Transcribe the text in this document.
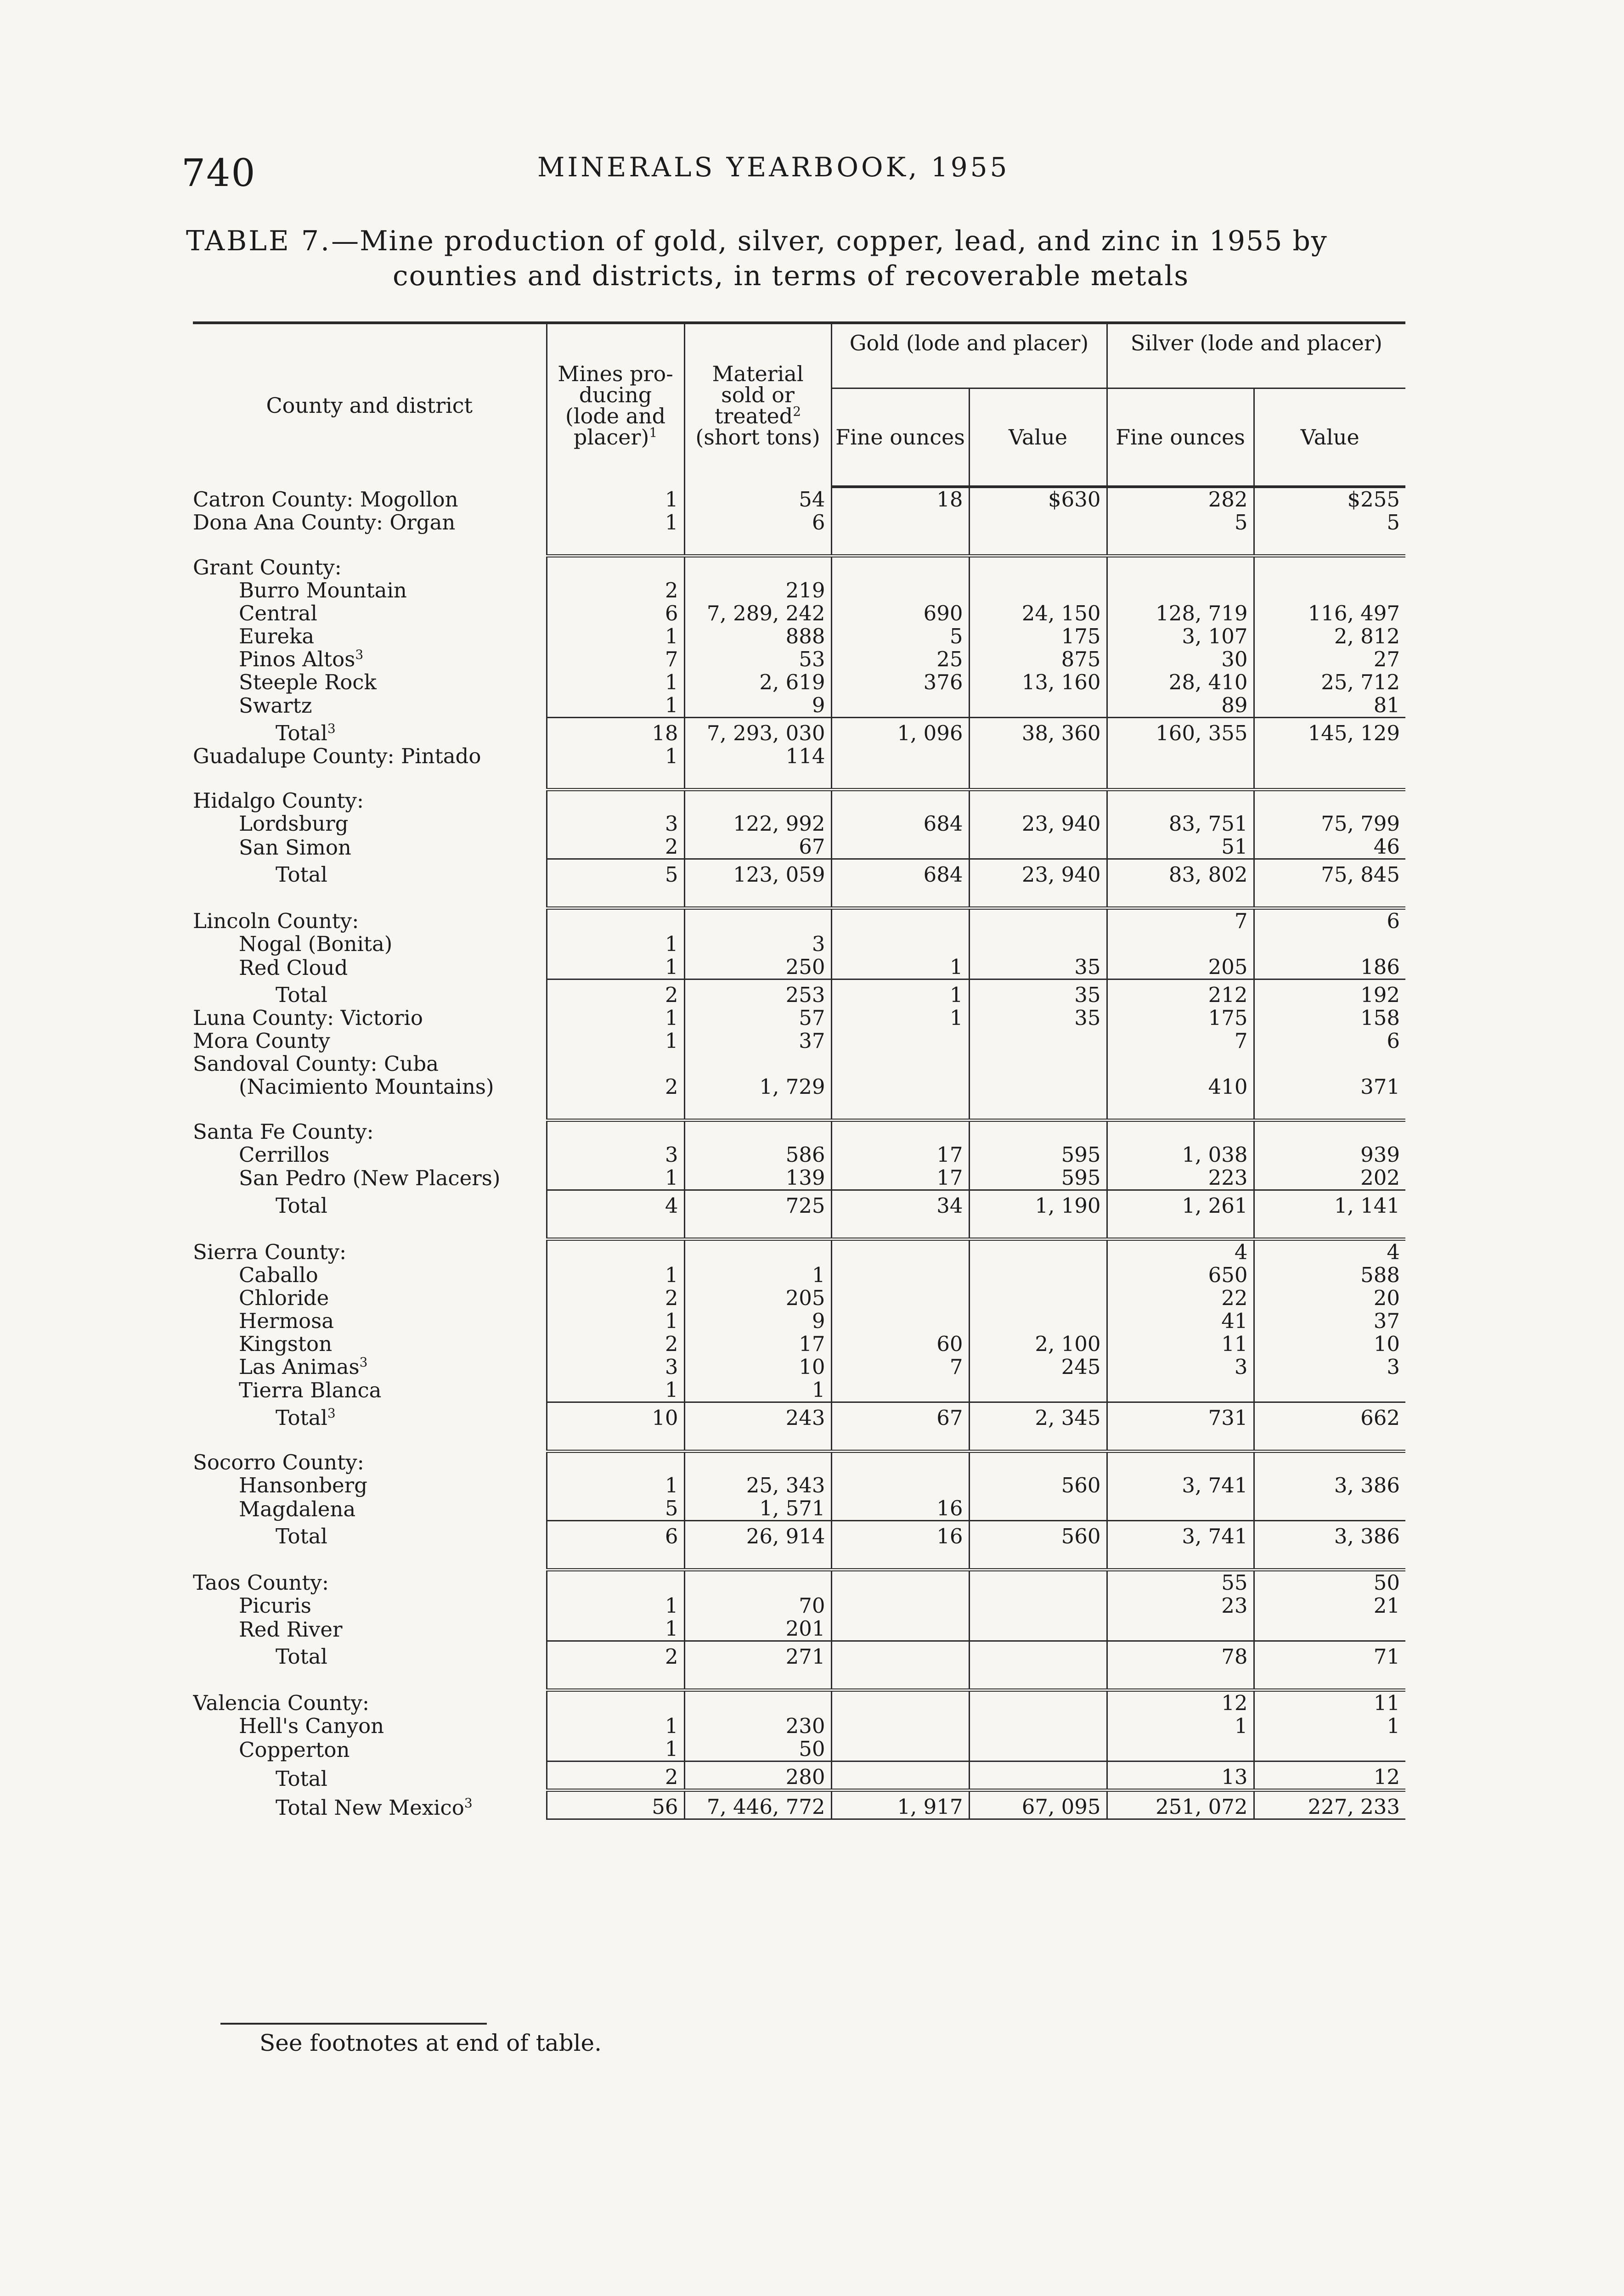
740	MINERALS YEARBOOK, 1955
TABLE 7.—Mine production of gold, silver, copper, lead, and zinc in 1955 by
counties and districts, in terms of recoverable metals
County and district	Mines pro-ducing (lode and placer)$^1$	Material sold or treated$^2$ (short tons)	Gold (lode and placer)		Silver (lode and placer)	
			Fine ounces	Value	Fine ounces	Value
Catron County: Mogollon	1	54	18	$630	282	$255
Dona Ana County: Organ	1	6			5	5

Grant County:						
Burro Mountain	2	219				
Central	6	7, 289, 242	690	24, 150	128, 719	116, 497
Eureka	1	888	5	175	3, 107	2, 812
Pinos Altos$^3$	7	53	25	875	30	27
Steeple Rock	1	2, 619	376	13, 160	28, 410	25, 712
Swartz	1	9			89	81
Total$^3$	18	7, 293, 030	1, 096	38, 360	160, 355	145, 129
Guadalupe County: Pintado	1	114				

Hidalgo County:						
Lordsburg	3	122, 992	684	23, 940	83, 751	75, 799
San Simon	2	67			51	46
Total	5	123, 059	684	23, 940	83, 802	75, 845

Lincoln County:					7	6
Nogal (Bonita)	1	3				
Red Cloud	1	250	1	35	205	186
Total	2	253	1	35	212	192
Luna County: Victorio	1	57	1	35	175	158
Mora County	1	37			7	6
Sandoval County: Cuba						
(Nacimiento Mountains)	2	1, 729			410	371

Santa Fe County:						
Cerrillos	3	586	17	595	1, 038	939
San Pedro (New Placers)	1	139	17	595	223	202
Total	4	725	34	1, 190	1, 261	1, 141

Sierra County:					4	4
Caballo	1	1			650	588
Chloride	2	205			22	20
Hermosa	1	9			41	37
Kingston	2	17	60	2, 100	11	10
Las Animas$^3$	3	10	7	245	3	3
Tierra Blanca	1	1				
Total$^3$	10	243	67	2, 345	731	662

Socorro County:						
Hansonberg	1	25, 343		560	3, 741	3, 386
Magdalena	5	1, 571	16			
Total	6	26, 914	16	560	3, 741	3, 386

Taos County:					55	50
Picuris	1	70			23	21
Red River	1	201				
Total	2	271			78	71

Valencia County:					12	11
Hell's Canyon	1	230			1	1
Copperton	1	50				
Total	2	280			13	12
Total New Mexico$^3$	56	7, 446, 772	1, 917	67, 095	251, 072	227, 233
See footnotes at end of table.
